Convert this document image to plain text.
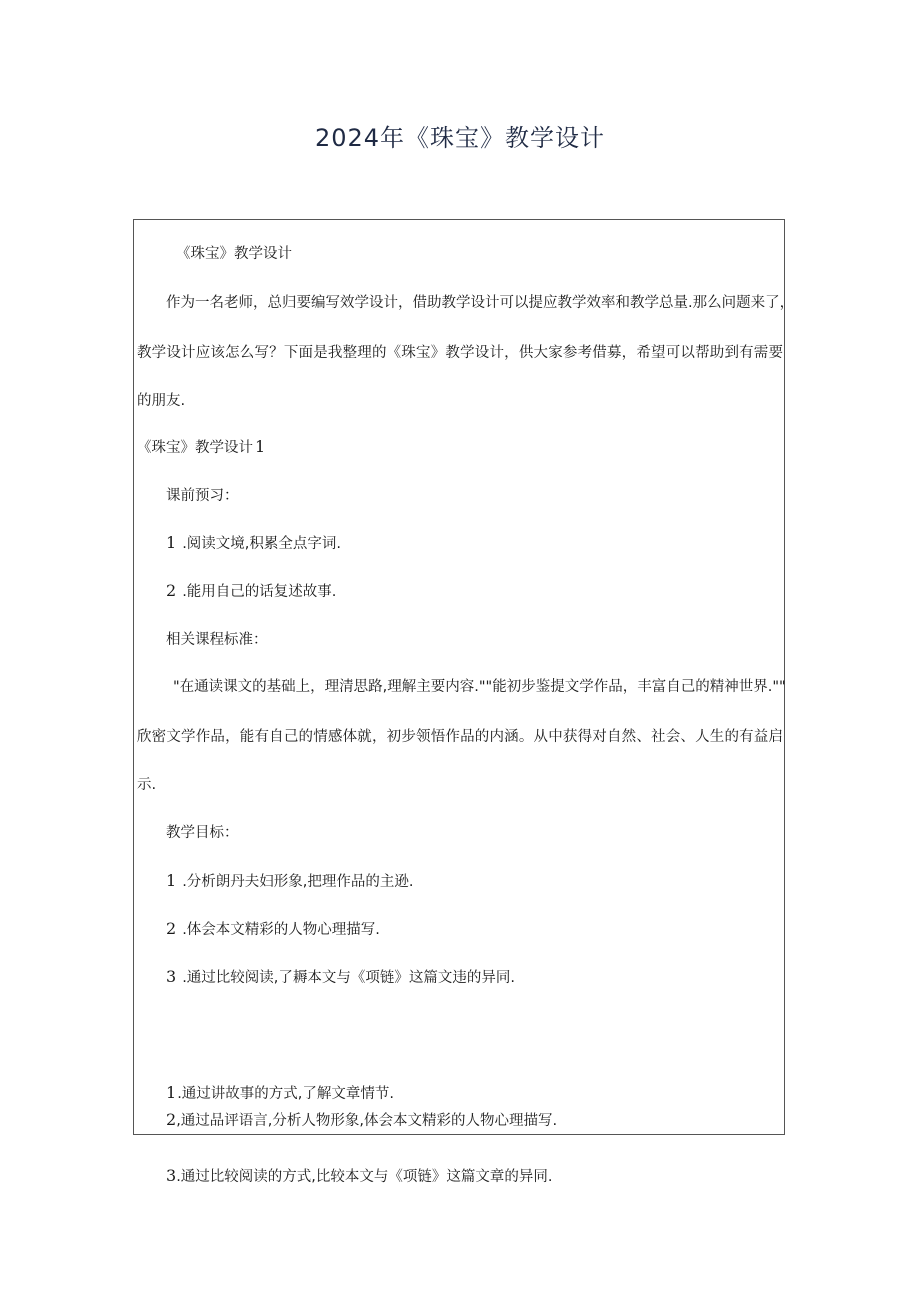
2024年《珠宝》教学设计
《珠宝》教学设计
作为一名老师，总归要编写效学设计，借助教学设计可以提应教学效率和教学总量.那么问题来了，
教学设计应该怎么写？下面是我整理的《珠宝》教学设计，供大家参考借募，希望可以帮助到有需要
的朋友.
《珠宝》教学设计 1
课前预习：
1 .阅读文境,积累全点字词.
2 .能用自己的话复述故事.
相关课程标准：
"在通读课文的基础上，理清思路,理解主要内容.""能初步鉴提文学作品，丰富自己的精神世界.""
欣密文学作品，能有自己的情感体就，初步领悟作品的内涵。从中获得对自然、社会、人生的有益启
示.
教学目标：
1 .分析朗丹夫妇形象,把理作品的主逊.
2 .体会本文精彩的人物心理描写.
3 .通过比较阅读,了耨本文与《项链》这篇文违的异同.
1.通过讲故事的方式,了解文章情节.
2,通过品评语言,分析人物形象,体会本文精彩的人物心理描写.
3.通过比较阅读的方式,比较本文与《项链》这篇文章的异同.
